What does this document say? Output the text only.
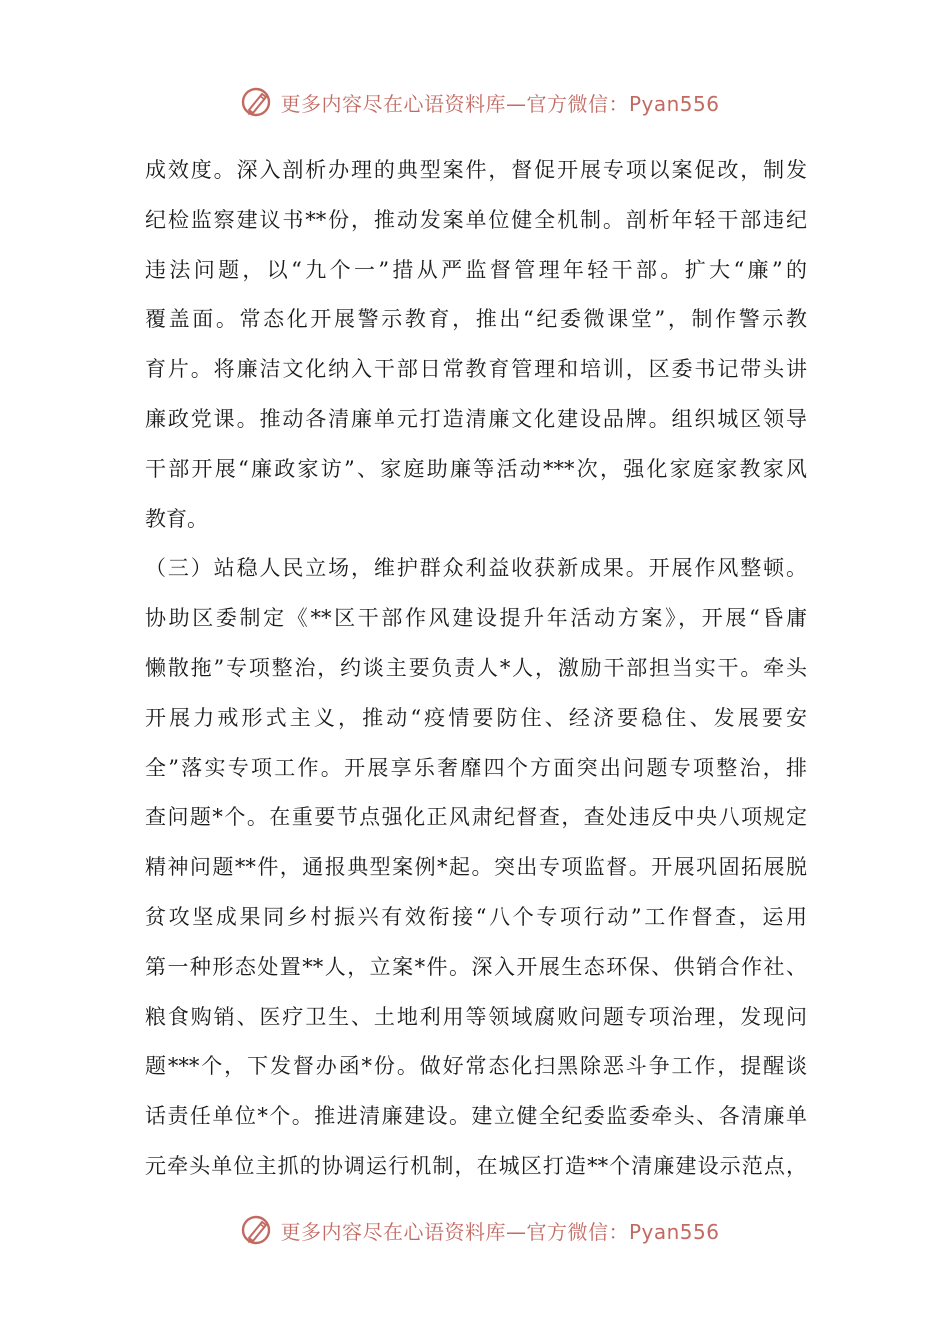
更多内容尽在心语资料库—官方微信：Pyan556
成效度。深入剖析办理的典型案件，督促开展专项以案促改，制发
纪检监察建议书**份，推动发案单位健全机制。剖析年轻干部违纪
违法问题，以“九个一”措从严监督管理年轻干部。扩大“廉”的
覆盖面。常态化开展警示教育，推出“纪委微课堂”，制作警示教
育片。将廉洁文化纳入干部日常教育管理和培训，区委书记带头讲
廉政党课。推动各清廉单元打造清廉文化建设品牌。组织城区领导
干部开展“廉政家访”、家庭助廉等活动***次，强化家庭家教家风
教育。
（三）站稳人民立场，维护群众利益收获新成果。开展作风整顿。
协助区委制定《**区干部作风建设提升年活动方案》，开展“昏庸
懒散拖”专项整治，约谈主要负责人*人，激励干部担当实干。牵头
开展力戒形式主义，推动“疫情要防住、经济要稳住、发展要安
全”落实专项工作。开展享乐奢靡四个方面突出问题专项整治，排
查问题*个。在重要节点强化正风肃纪督查，查处违反中央八项规定
精神问题**件，通报典型案例*起。突出专项监督。开展巩固拓展脱
贫攻坚成果同乡村振兴有效衔接“八个专项行动”工作督查，运用
第一种形态处置**人，立案*件。深入开展生态环保、供销合作社、
粮食购销、医疗卫生、土地利用等领域腐败问题专项治理，发现问
题***个，下发督办函*份。做好常态化扫黑除恶斗争工作，提醒谈
话责任单位*个。推进清廉建设。建立健全纪委监委牵头、各清廉单
元牵头单位主抓的协调运行机制，在城区打造**个清廉建设示范点，
更多内容尽在心语资料库—官方微信：Pyan556
